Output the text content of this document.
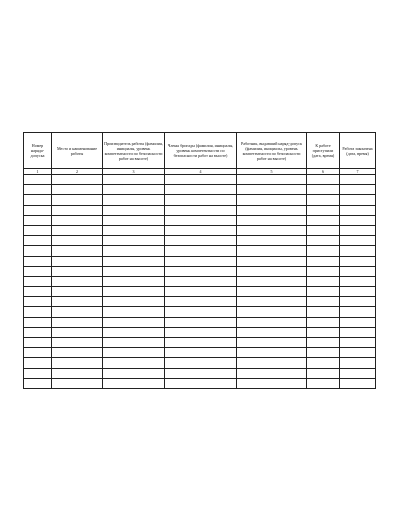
Номер наряда-допуска	Место и наименование работы	Производитель работы (фамилия, инициалы, уровень компетентности по безопасности работ на высоте)	Члены бригады (фамилия, инициалы, уровень компетентности по безопасности работ на высоте)	Работник, выдавший наряд-допуск (фамилия, инициалы, уровень компетентности по безопасности работ на высоте)	К работе приступили (дата, время)	Работа закончена (дата, время)
1	2	3	4	5	6	7
